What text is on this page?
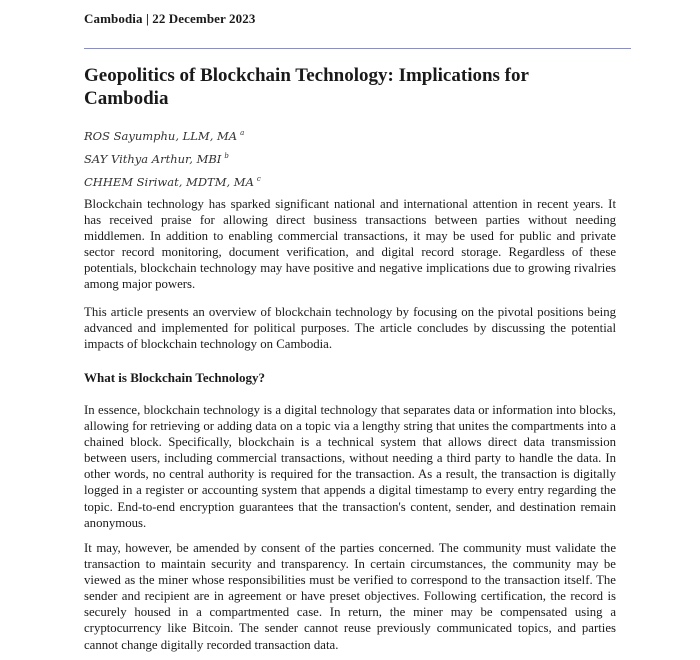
Cambodia | 22 December 2023
Geopolitics of Blockchain Technology: Implications for Cambodia
ROS Sayumphu, LLM, MA $^a$
SAY Vithya Arthur, MBI $^b$
CHHEM Siriwat, MDTM, MA $^c$

Blockchain technology has sparked significant national and international attention in recent years. It has received praise for allowing direct business transactions between parties without needing middlemen. In addition to enabling commercial transactions, it may be used for public and private sector record monitoring, document verification, and digital record storage. Regardless of these potentials, blockchain technology may have positive and negative implications due to growing rivalries among major powers.

This article presents an overview of blockchain technology by focusing on the pivotal positions being advanced and implemented for political purposes. The article concludes by discussing the potential impacts of blockchain technology on Cambodia.

What is Blockchain Technology?

In essence, blockchain technology is a digital technology that separates data or information into blocks, allowing for retrieving or adding data on a topic via a lengthy string that unites the compartments into a chained block. Specifically, blockchain is a technical system that allows direct data transmission between users, including commercial transactions, without needing a third party to handle the data. In other words, no central authority is required for the transaction. As a result, the transaction is digitally logged in a register or accounting system that appends a digital timestamp to every entry regarding the topic. End-to-end encryption guarantees that the transaction's content, sender, and destination remain anonymous.

It may, however, be amended by consent of the parties concerned. The community must validate the transaction to maintain security and transparency. In certain circumstances, the community may be viewed as the miner whose responsibilities must be verified to correspond to the transaction itself. The sender and recipient are in agreement or have preset objectives. Following certification, the record is securely housed in a compartmented case. In return, the miner may be compensated using a cryptocurrency like Bitcoin. The sender cannot reuse previously communicated topics, and parties cannot change digitally recorded transaction data.
